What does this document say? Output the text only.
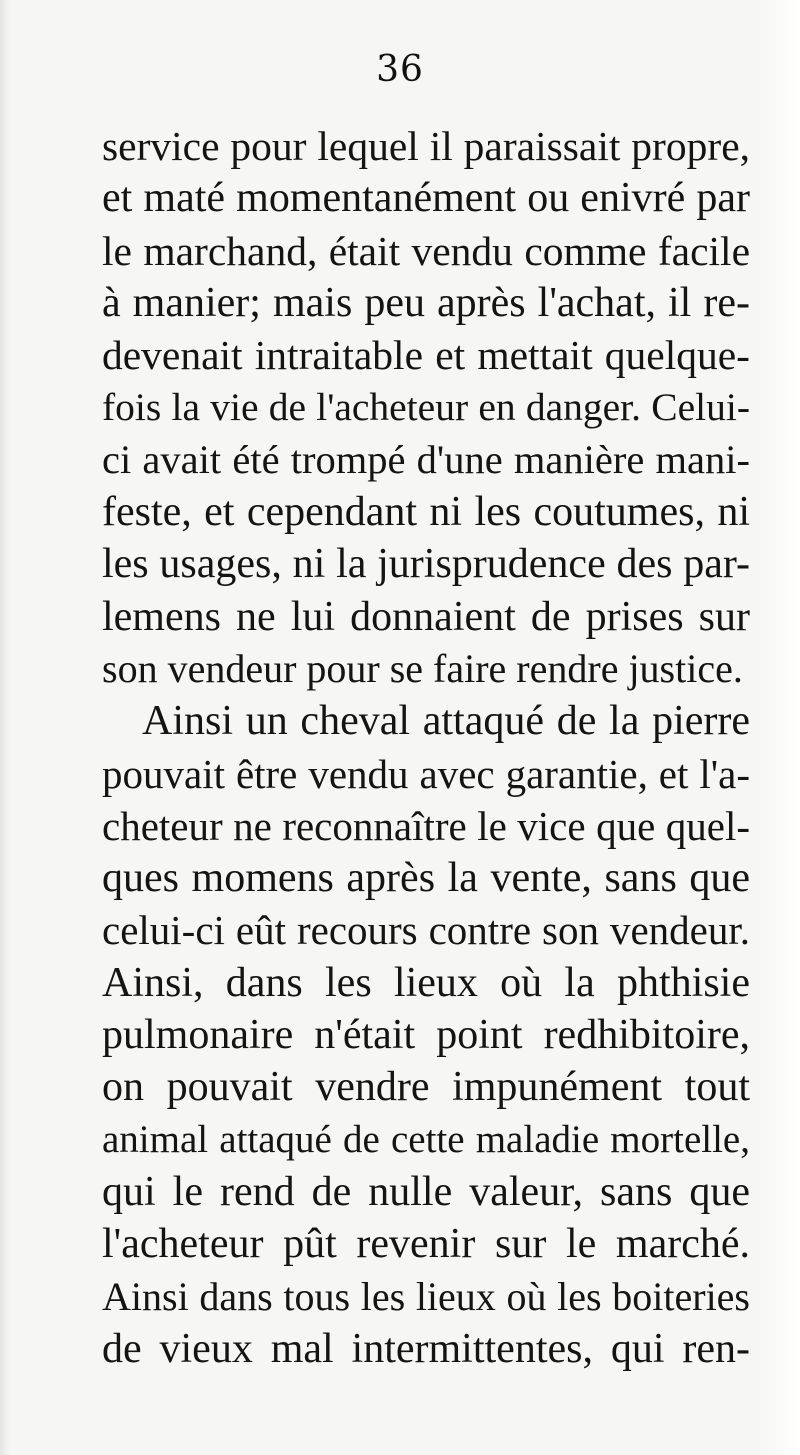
36
service pour lequel il paraissait propre,
et maté momentanément ou enivré par
le marchand, était vendu comme facile
à manier; mais peu après l'achat, il re-
devenait intraitable et mettait quelque-
fois la vie de l'acheteur en danger. Celui-
ci avait été trompé d'une manière mani-
feste, et cependant ni les coutumes, ni
les usages, ni la jurisprudence des par-
lemens ne lui donnaient de prises sur
son vendeur pour se faire rendre justice.
Ainsi un cheval attaqué de la pierre
pouvait être vendu avec garantie, et l'a-
cheteur ne reconnaître le vice que quel-
ques momens après la vente, sans que
celui-ci eût recours contre son vendeur.
Ainsi, dans les lieux où la phthisie
pulmonaire n'était point redhibitoire,
on pouvait vendre impunément tout
animal attaqué de cette maladie mortelle,
qui le rend de nulle valeur, sans que
l'acheteur pût revenir sur le marché.
Ainsi dans tous les lieux où les boiteries
de vieux mal intermittentes, qui ren-
